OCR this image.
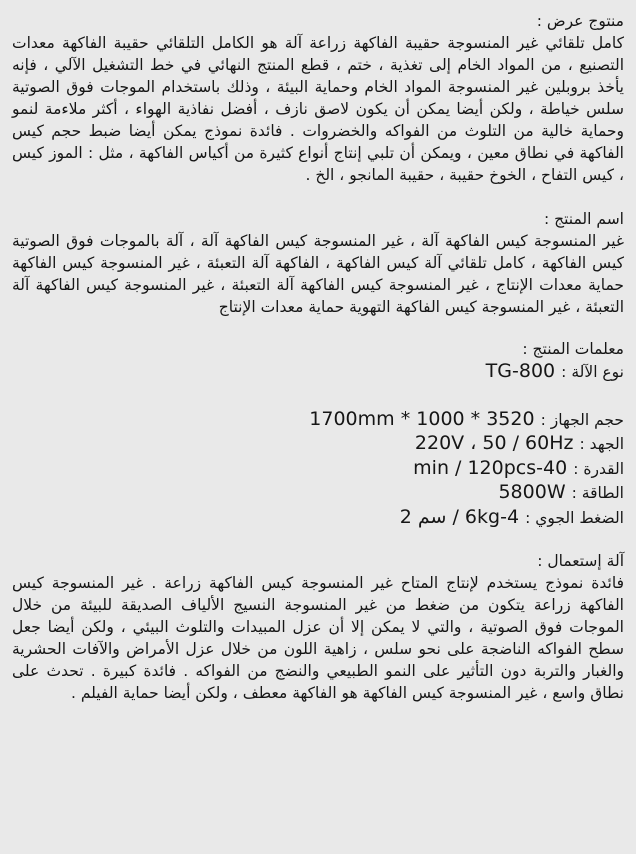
منتوج عرض :

كامل تلقائي غير المنسوجة حقيبة الفاكهة زراعة آلة هو الكامل التلقائي حقيبة الفاكهة معدات التصنيع ، من المواد الخام إلى تغذية ، ختم ، قطع المنتج النهائي في خط التشغيل الآلي ، فإنه يأخذ بروبلين غير المنسوجة المواد الخام وحماية البيئة ، وذلك باستخدام الموجات فوق الصوتية سلس خياطة ، ولكن أيضا يمكن أن يكون لاصق نازف ، أفضل نفاذية الهواء ، أكثر ملاءمة لنمو وحماية خالية من التلوث من الفواكه والخضروات . فائدة نموذج يمكن أيضا ضبط حجم كيس الفاكهة في نطاق معين ، ويمكن أن تلبي إنتاج أنواع كثيرة من أكياس الفاكهة ، مثل : الموز كيس ، كيس التفاح ، الخوخ حقيبة ، حقيبة المانجو ، الخ .

اسم المنتج :

غير المنسوجة كيس الفاكهة آلة ، غير المنسوجة كيس الفاكهة آلة ، آلة بالموجات فوق الصوتية كيس الفاكهة ، كامل تلقائي آلة كيس الفاكهة ، الفاكهة آلة التعبئة ، غير المنسوجة كيس الفاكهة حماية معدات الإنتاج ، غير المنسوجة كيس الفاكهة آلة التعبئة ، غير المنسوجة كيس الفاكهة آلة التعبئة ، غير المنسوجة كيس الفاكهة التهوية حماية معدات الإنتاج

معلمات المنتج :

نوع الآلة : TG-800
حجم الجهاز : 3520 * 1000 * 1700mm
الجهد : 220V ، 50 / 60Hz
القدرة : 40-min / 120pcs
الطاقة : 5800W
الضغط الجوي : 4-6kg / سم 2

آلة إستعمال :

فائدة نموذج يستخدم لإنتاج المتاح غير المنسوجة كيس الفاكهة زراعة . غير المنسوجة كيس الفاكهة زراعة يتكون من ضغط من غير المنسوجة النسيج الألياف الصديقة للبيئة من خلال الموجات فوق الصوتية ، والتي لا يمكن إلا أن عزل المبيدات والتلوث البيئي ، ولكن أيضا جعل سطح الفواكه الناضجة على نحو سلس ، زاهية اللون من خلال عزل الأمراض والآفات الحشرية والغبار والتربة دون التأثير على النمو الطبيعي والنضج من الفواكه . فائدة كبيرة . تحدث على نطاق واسع ، غير المنسوجة كيس الفاكهة هو الفاكهة معطف ، ولكن أيضا حماية الفيلم .
